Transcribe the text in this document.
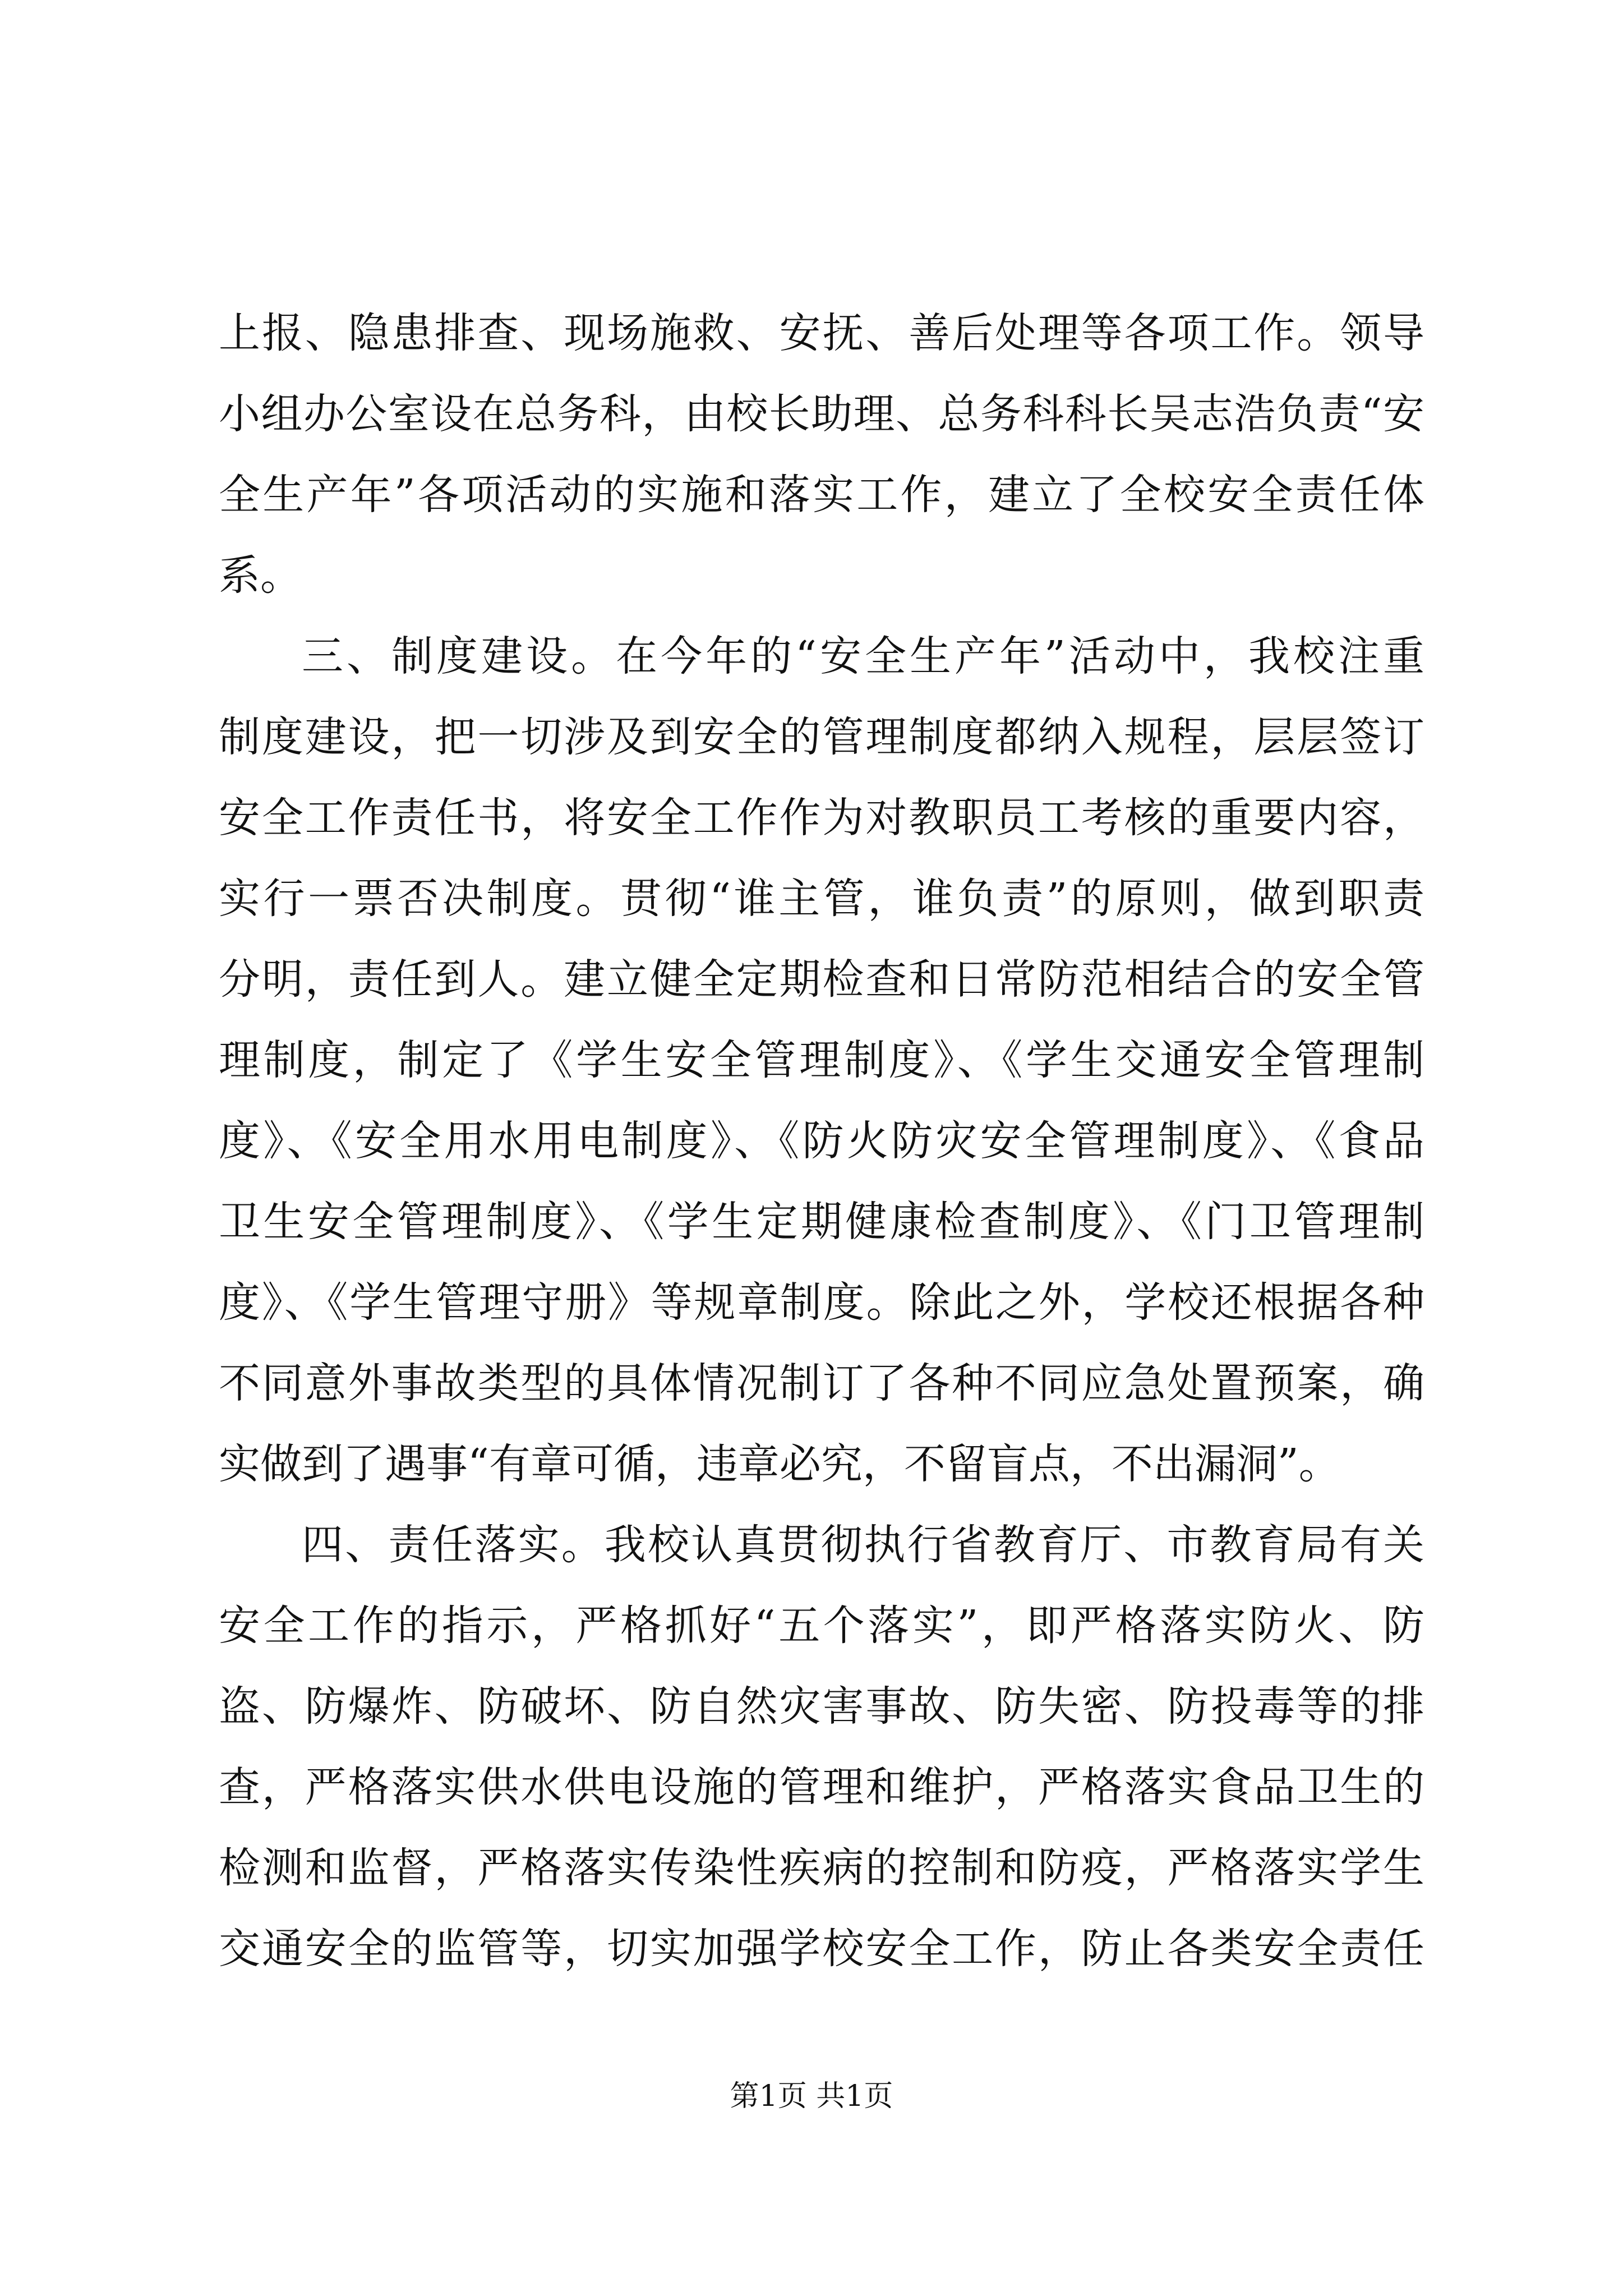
上报、隐患排查、现场施救、安抚、善后处理等各项工作。领导
小组办公室设在总务科，由校长助理、总务科科长吴志浩负责“安
全生产年”各项活动的实施和落实工作，建立了全校安全责任体
系。
三、制度建设。在今年的“安全生产年”活动中，我校注重
制度建设，把一切涉及到安全的管理制度都纳入规程，层层签订
安全工作责任书，将安全工作作为对教职员工考核的重要内容，
实行一票否决制度。贯彻“谁主管，谁负责”的原则，做到职责
分明，责任到人。建立健全定期检查和日常防范相结合的安全管
理制度，制定了《学生安全管理制度》、《学生交通安全管理制
度》、《安全用水用电制度》、《防火防灾安全管理制度》、《食品
卫生安全管理制度》、《学生定期健康检查制度》、《门卫管理制
度》、《学生管理守册》等规章制度。除此之外，学校还根据各种
不同意外事故类型的具体情况制订了各种不同应急处置预案，确
实做到了遇事“有章可循，违章必究，不留盲点，不出漏洞”。
四、责任落实。我校认真贯彻执行省教育厅、市教育局有关
安全工作的指示，严格抓好“五个落实”，即严格落实防火、防
盗、防爆炸、防破坏、防自然灾害事故、防失密、防投毒等的排
查，严格落实供水供电设施的管理和维护，严格落实食品卫生的
检测和监督，严格落实传染性疾病的控制和防疫，严格落实学生
交通安全的监管等，切实加强学校安全工作，防止各类安全责任
第1页 共1页
